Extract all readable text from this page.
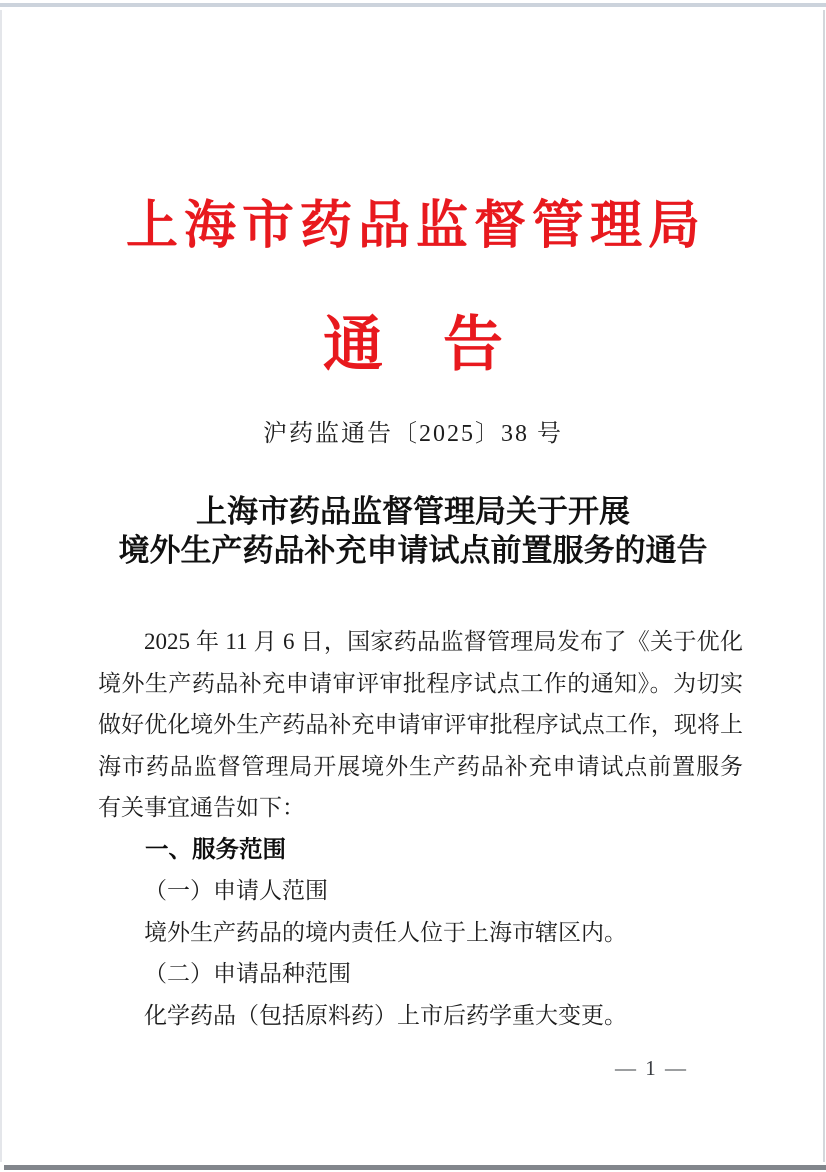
上海市药品监督管理局
通　告
沪药监通告〔2025〕38 号
上海市药品监督管理局关于开展
境外生产药品补充申请试点前置服务的通告
2025 年 11 月 6 日，国家药品监督管理局发布了《关于优化
境外生产药品补充申请审评审批程序试点工作的通知》。为切实
做好优化境外生产药品补充申请审评审批程序试点工作，现将上
海市药品监督管理局开展境外生产药品补充申请试点前置服务
有关事宜通告如下：
一、服务范围
（一）申请人范围
境外生产药品的境内责任人位于上海市辖区内。
（二）申请品种范围
化学药品（包括原料药）上市后药学重大变更。
— 1 —
